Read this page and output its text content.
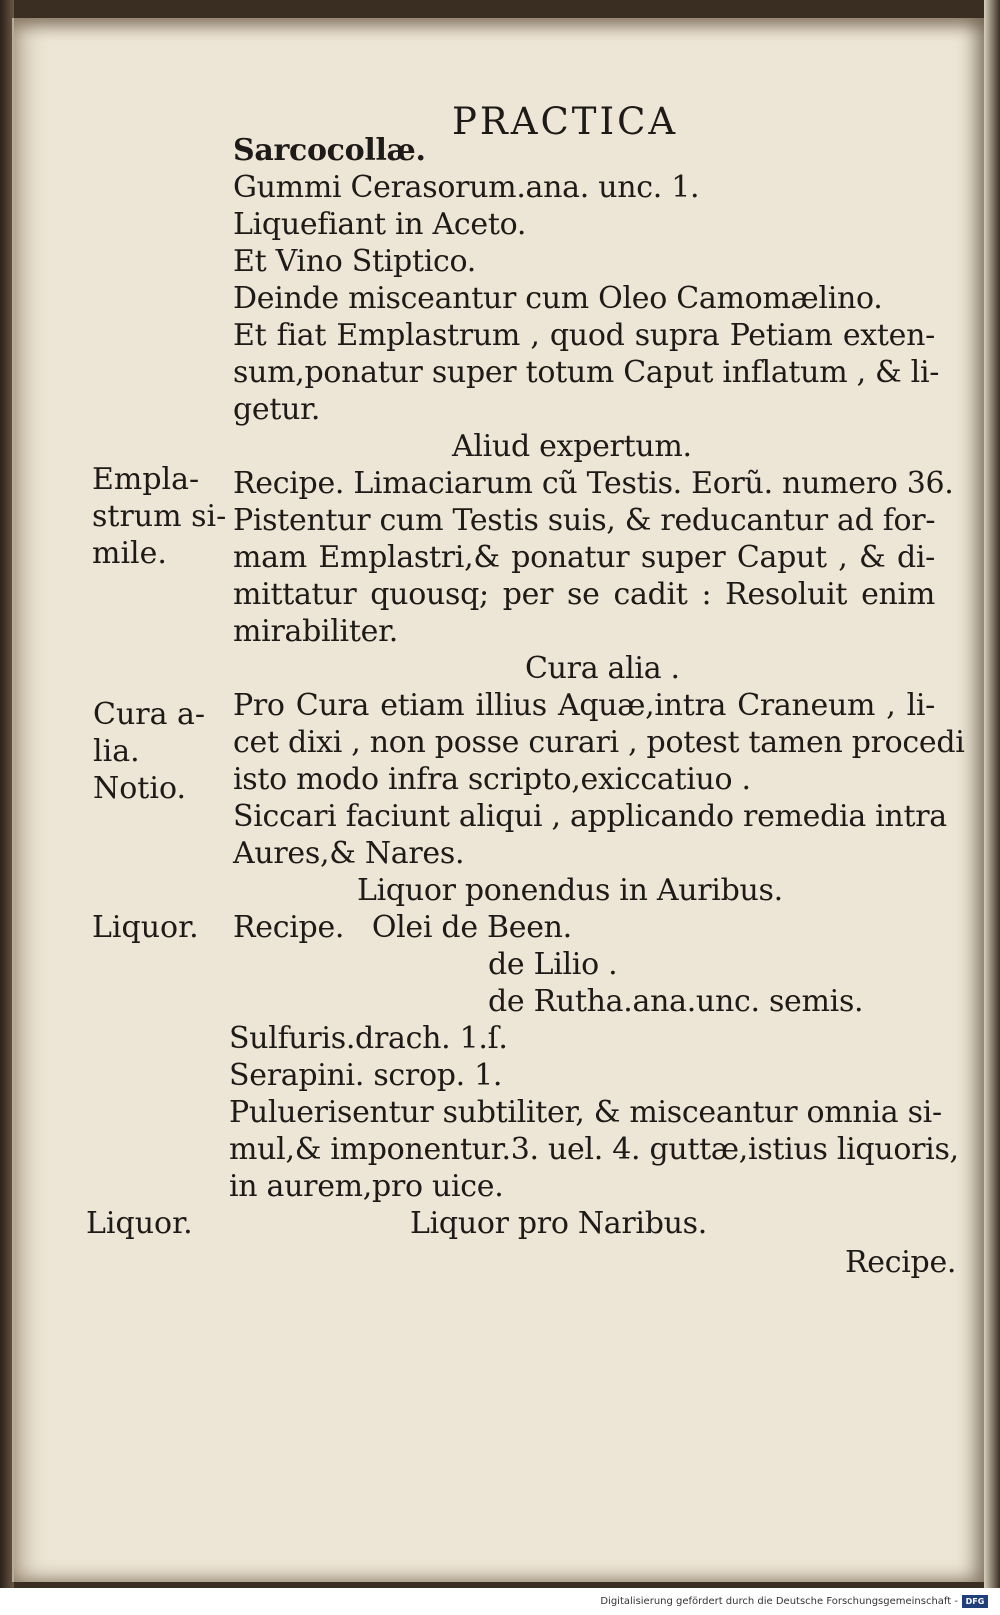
PRACTICA
Sarcocollæ.
Gummi Cerasorum.ana. unc. 1.
Liquefiant in Aceto.
Et Vino Stiptico.
Deinde misceantur cum Oleo Camomælino.
Et fiat Emplastrum , quod supra Petiam exten-
sum,ponatur super totum Caput inflatum , & li-
getur.
Aliud expertum.
Recipe. Limaciarum cũ Testis. Eorũ. numero 36.
Pistentur cum Testis suis, & reducantur ad for-
mam Emplastri,& ponatur super Caput , & di-
mittatur quousq; per se cadit : Resoluit enim
mirabiliter.
Cura alia .
Pro Cura etiam illius Aquæ,intra Craneum , li-
cet dixi , non posse curari , potest tamen procedi
isto modo infra scripto,exiccatiuo .
Siccari faciunt aliqui , applicando remedia intra
Aures,& Nares.
Liquor ponendus in Auribus.
Recipe.   Olei de Been.
de Lilio .
de Rutha.ana.unc. semis.
Sulfuris.drach. 1.ſ.
Serapini. scrop. 1.
Puluerisentur subtiliter, & misceantur omnia si-
mul,& imponentur.3. uel. 4. guttæ,istius liquoris,
in aurem,pro uice.
Liquor pro Naribus.
Recipe.
Empla-
strum si-
mile.
Cura a-
lia.
Notio.
Liquor.
Liquor.
Digitalisierung gefördert durch die Deutsche Forschungsgemeinschaft - DFG
